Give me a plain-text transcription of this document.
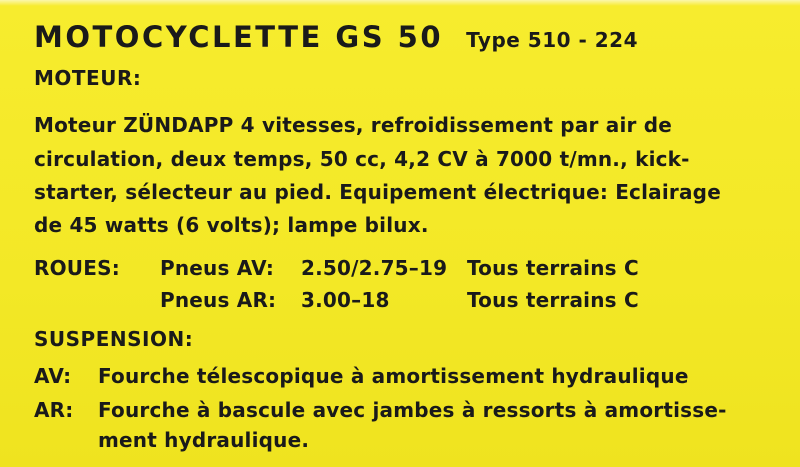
MOTOCYCLETTE GS 50 Type 510 - 224
MOTEUR:
Moteur ZÜNDAPP 4 vitesses, refroidissement par air de
circulation, deux temps, 50 cc, 4,2 CV à 7000 t/mn., kick-
starter, sélecteur au pied. Equipement électrique: Eclairage
de 45 watts (6 volts); lampe bilux.
ROUES: Pneus AV: 2.50/2.75–19 Tous terrains C
Pneus AR: 3.00–18	Tous terrains C
SUSPENSION:
AV: Fourche télescopique à amortissement hydraulique
AR: Fourche à bascule avec jambes à ressorts à amortisse-
ment hydraulique.
